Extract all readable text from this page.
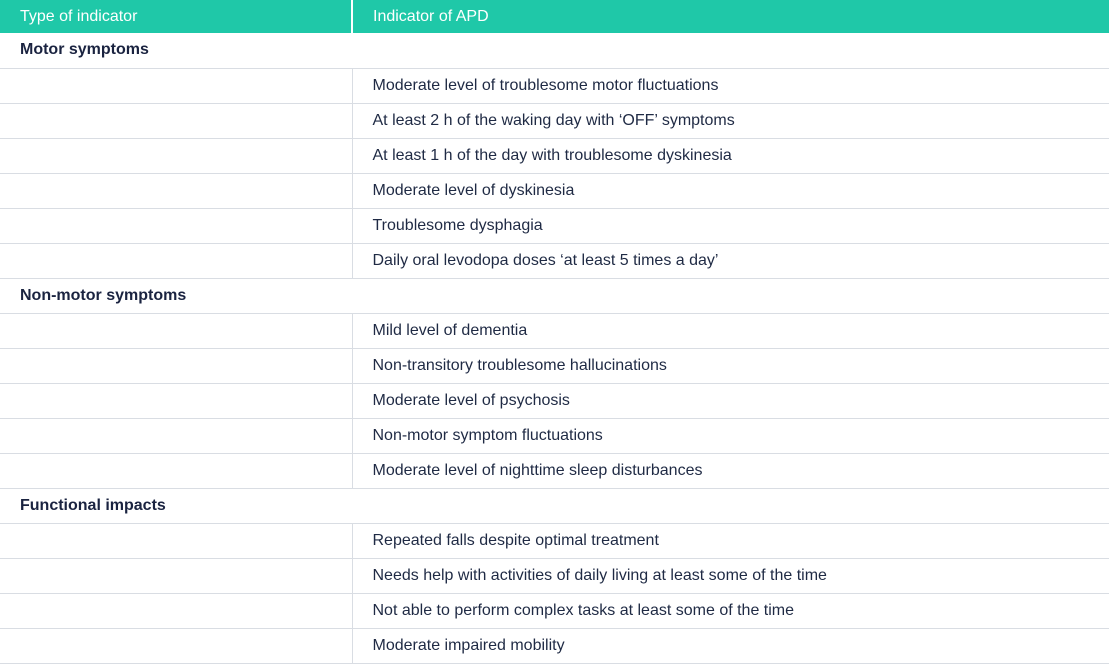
Type of indicator	Indicator of APD
Motor symptoms	
	Moderate level of troublesome motor fluctuations
	At least 2 h of the waking day with ‘OFF’ symptoms
	At least 1 h of the day with troublesome dyskinesia
	Moderate level of dyskinesia
	Troublesome dysphagia
	Daily oral levodopa doses ‘at least 5 times a day’
Non-motor symptoms	
	Mild level of dementia
	Non-transitory troublesome hallucinations
	Moderate level of psychosis
	Non-motor symptom fluctuations
	Moderate level of nighttime sleep disturbances
Functional impacts	
	Repeated falls despite optimal treatment
	Needs help with activities of daily living at least some of the time
	Not able to perform complex tasks at least some of the time
	Moderate impaired mobility
